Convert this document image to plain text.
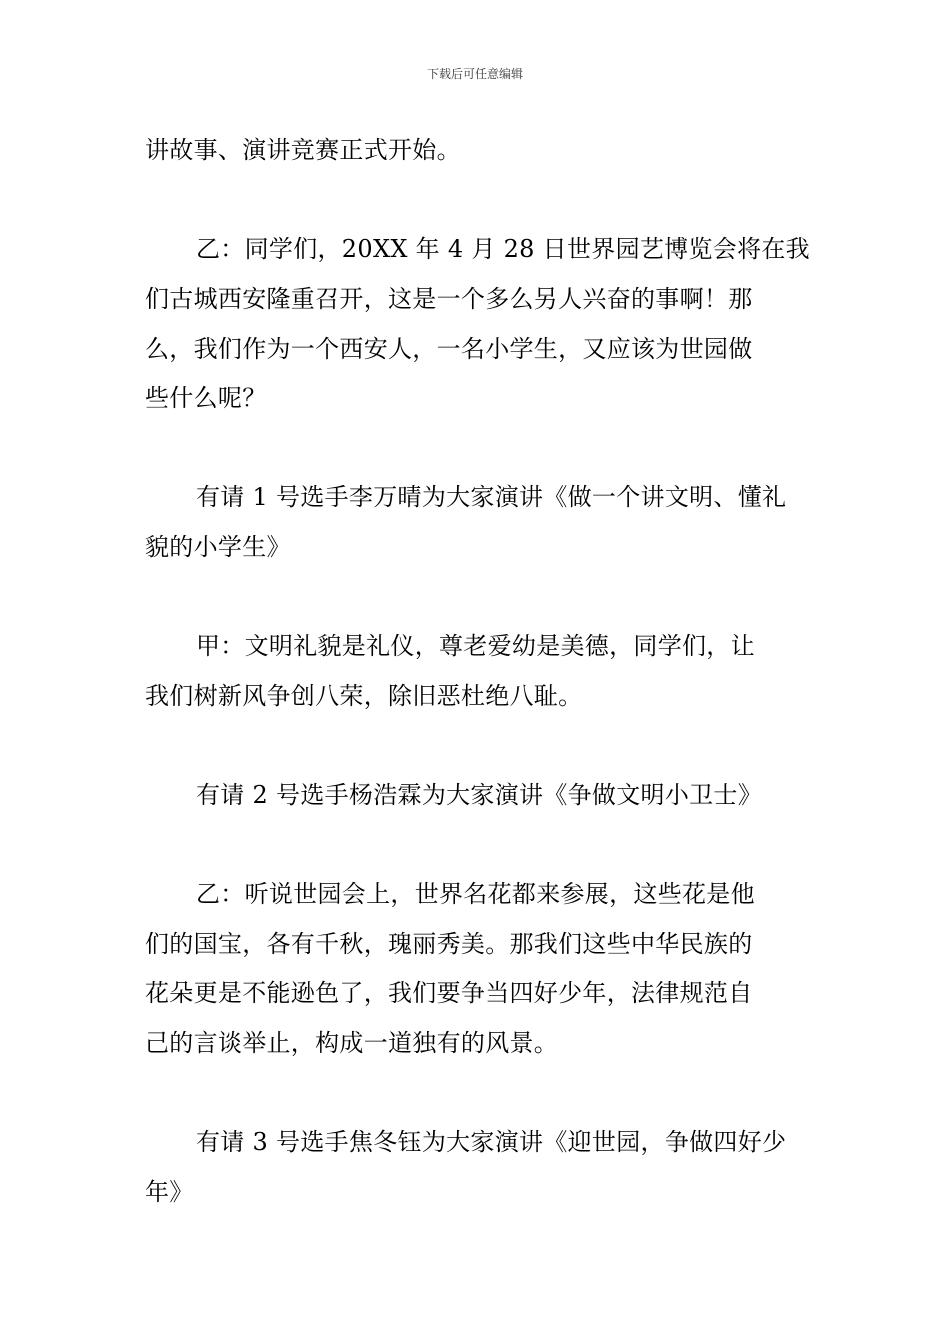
下载后可任意编辑
讲故事、演讲竞赛正式开始。
乙：同学们，20XX 年 4 月 28 日世界园艺博览会将在我
们古城西安隆重召开，这是一个多么另人兴奋的事啊！那
么，我们作为一个西安人，一名小学生，又应该为世园做
些什么呢？
有请 1 号选手李万晴为大家演讲《做一个讲文明、懂礼
貌的小学生》
甲：文明礼貌是礼仪，尊老爱幼是美德，同学们，让
我们树新风争创八荣，除旧恶杜绝八耻。
有请 2 号选手杨浩霖为大家演讲《争做文明小卫士》
乙：听说世园会上，世界名花都来参展，这些花是他
们的国宝，各有千秋，瑰丽秀美。那我们这些中华民族的
花朵更是不能逊色了，我们要争当四好少年，法律规范自
己的言谈举止，构成一道独有的风景。
有请 3 号选手焦冬钰为大家演讲《迎世园，争做四好少
年》
